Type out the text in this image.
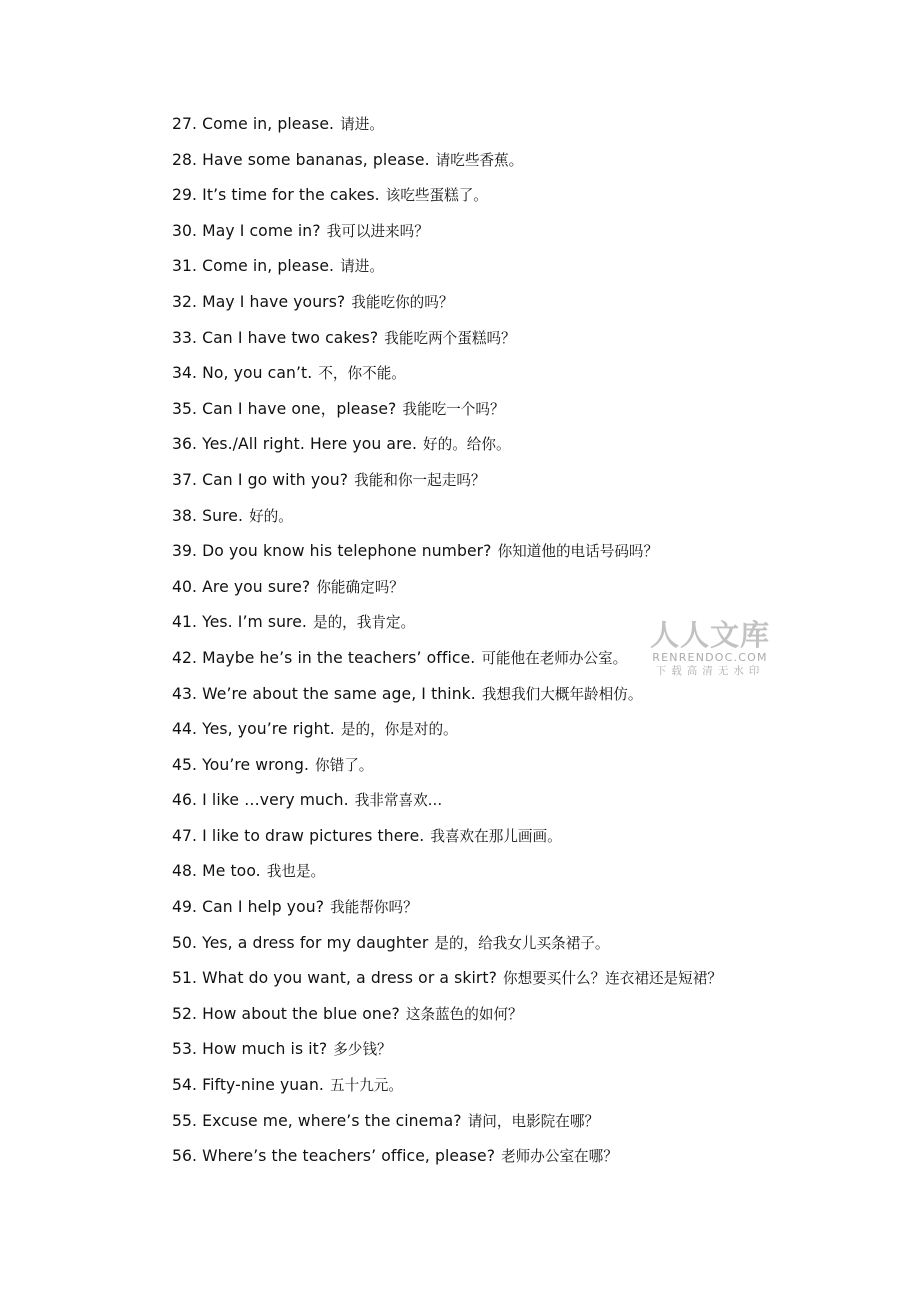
27. Come in, please. 请进。
28. Have some bananas, please. 请吃些香蕉。
29. It’s time for the cakes. 该吃些蛋糕了。
30. May I come in? 我可以进来吗？
31. Come in, please. 请进。
32. May I have yours? 我能吃你的吗？
33. Can I have two cakes? 我能吃两个蛋糕吗？
34. No, you can’t. 不，你不能。
35. Can I have one，please? 我能吃一个吗？
36. Yes./All right. Here you are. 好的。给你。
37. Can I go with you? 我能和你一起走吗？
38. Sure. 好的。
39. Do you know his telephone number? 你知道他的电话号码吗？
40. Are you sure? 你能确定吗？
41. Yes. I’m sure. 是的，我肯定。
42. Maybe he’s in the teachers’ office. 可能他在老师办公室。
43. We’re about the same age, I think. 我想我们大概年龄相仿。
44. Yes, you’re right. 是的，你是对的。
45. You’re wrong. 你错了。
46. I like …very much. 我非常喜欢…
47. I like to draw pictures there. 我喜欢在那儿画画。
48. Me too. 我也是。
49. Can I help you? 我能帮你吗？
50. Yes, a dress for my daughter 是的，给我女儿买条裙子。
51. What do you want, a dress or a skirt? 你想要买什么？连衣裙还是短裙？
52. How about the blue one? 这条蓝色的如何？
53. How much is it? 多少钱？
54. Fifty-nine yuan. 五十九元。
55. Excuse me, where’s the cinema? 请问，电影院在哪？
56. Where’s the teachers’ office, please? 老师办公室在哪？
人人文库
RENRENDOC.COM
下载高清无水印
